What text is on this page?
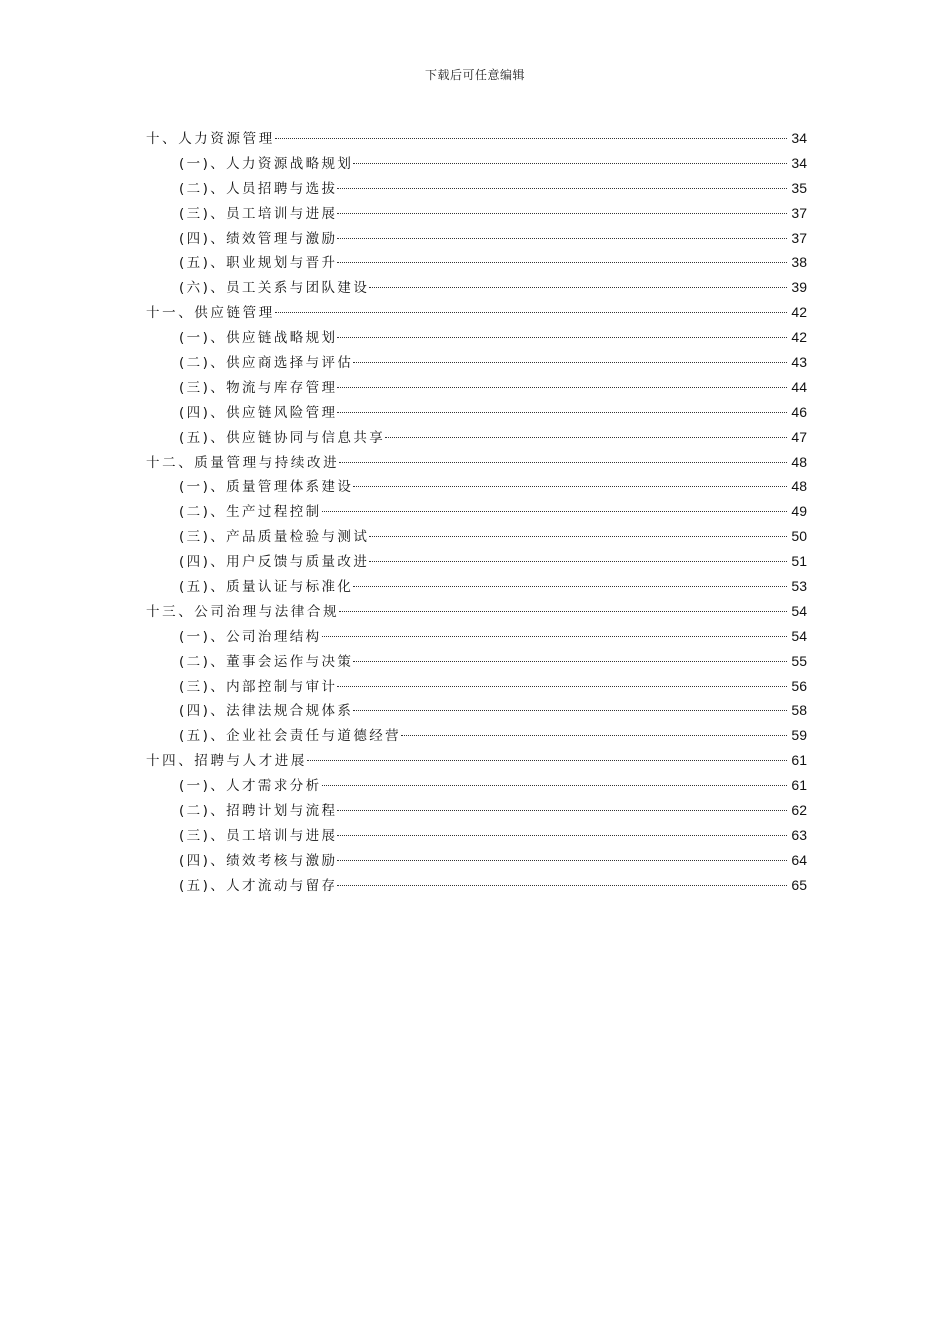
下载后可任意编辑
十、人力资源管理	34
(一)、人力资源战略规划	34
(二)、人员招聘与选拔	35
(三)、员工培训与进展	37
(四)、绩效管理与激励	37
(五)、职业规划与晋升	38
(六)、员工关系与团队建设	39
十一、供应链管理	42
(一)、供应链战略规划	42
(二)、供应商选择与评估	43
(三)、物流与库存管理	44
(四)、供应链风险管理	46
(五)、供应链协同与信息共享	47
十二、质量管理与持续改进	48
(一)、质量管理体系建设	48
(二)、生产过程控制	49
(三)、产品质量检验与测试	50
(四)、用户反馈与质量改进	51
(五)、质量认证与标准化	53
十三、公司治理与法律合规	54
(一)、公司治理结构	54
(二)、董事会运作与决策	55
(三)、内部控制与审计	56
(四)、法律法规合规体系	58
(五)、企业社会责任与道德经营	59
十四、招聘与人才进展	61
(一)、人才需求分析	61
(二)、招聘计划与流程	62
(三)、员工培训与进展	63
(四)、绩效考核与激励	64
(五)、人才流动与留存	65
